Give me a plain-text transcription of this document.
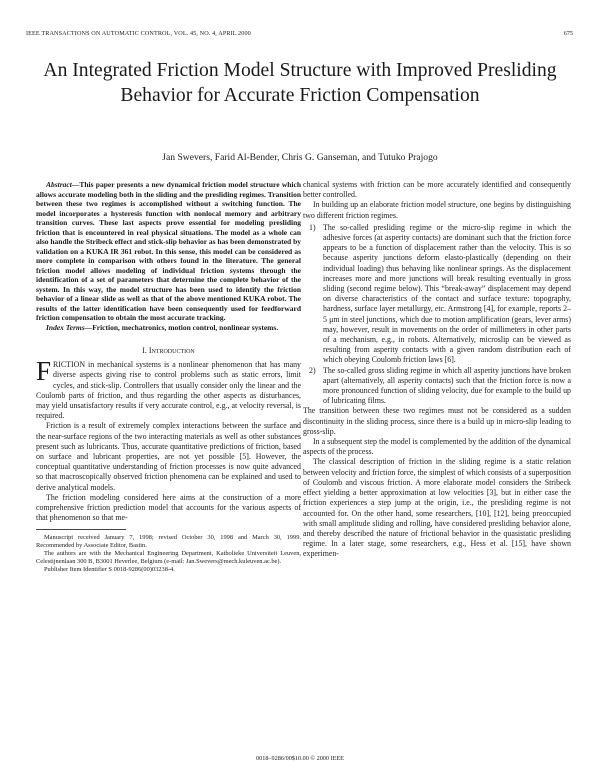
IEEE TRANSACTIONS ON AUTOMATIC CONTROL, VOL. 45, NO. 4, APRIL 2000	675
An Integrated Friction Model Structure with Improved Presliding Behavior for Accurate Friction Compensation
Jan Swevers, Farid Al-Bender, Chris G. Ganseman, and Tutuko Prajogo

Abstract—This paper presents a new dynamical friction model structure which allows accurate modeling both in the sliding and the presliding regimes. Transition between these two regimes is accomplished without a switching function. The model incorporates a hysteresis function with nonlocal memory and arbitrary transition curves. These last aspects prove essential for modeling presliding friction that is encountered in real physical situations. The model as a whole can also handle the Stribeck effect and stick-slip behavior as has been demonstrated by validation on a KUKA IR 361 robot. In this sense, this model can be considered as more complete in comparison with others found in the literature. The general friction model allows modeling of individual friction systems through the identification of a set of parameters that determine the complete behavior of the system. In this way, the model structure has been used to identify the friction behavior of a linear slide as well as that of the above mentioned KUKA robot. The results of the latter identification have been consequently used for feedforward friction compensation to obtain the most accurate tracking.

Index Terms—Friction, mechatronics, motion control, nonlinear systems.

I. Introduction

FRICTION in mechanical systems is a nonlinear phenomenon that has many diverse aspects giving rise to control problems such as static errors, limit cycles, and stick-slip. Controllers that usually consider only the linear and the Coulomb parts of friction, and thus regarding the other aspects as disturbances, may yield unsatisfactory results if very accurate control, e.g., at velocity reversal, is required.

Friction is a result of extremely complex interactions between the surface and the near-surface regions of the two interacting materials as well as other substances present such as lubricants. Thus, accurate quantitative predictions of friction, based on surface and lubricant properties, are not yet possible [5]. However, the conceptual quantitative understanding of friction processes is now quite advanced so that macroscopically observed friction phenomena can be explained and used to derive analytical models.

The friction modeling considered here aims at the construction of a more comprehensive friction prediction model that accounts for the various aspects of that phenomenon so that me-

Manuscript received January 7, 1998; revised October 30, 1998 and March 30, 1999. Recommended by Associate Editor, Bastin.
The authors are with the Mechanical Engineering Department, Katholieke Universiteit Leuven, Celestijnenlaan 300 B, B3001 Heverlee, Belgium (e-mail: Jan.Swevers@mech.kuleuven.ac.be).
Publisher Item Identifier S 0018-9286(00)03238-4.

chanical systems with friction can be more accurately identified and consequently better controlled.

In building up an elaborate friction model structure, one begins by distinguishing two different friction regimes.

1) The so-called presliding regime or the micro-slip regime in which the adhesive forces (at asperity contacts) are dominant such that the friction force appears to be a function of displacement rather than the velocity. This is so because asperity junctions deform elasto-plastically (depending on their individual loading) thus behaving like nonlinear springs. As the displacement increases more and more junctions will break resulting eventually in gross sliding (second regime below). This “break-away” displacement may depend on diverse characteristics of the contact and surface texture: topography, hardness, surface layer metallurgy, etc. Armstrong [4], for example, reports 2–5 μm in steel junctions, which due to motion amplification (gears, lever arms) may, however, result in movements on the order of millimeters in other parts of a mechanism, e.g., in robots. Alternatively, microslip can be viewed as resulting from asperity contacts with a given random distribution each of which obeying Coulomb friction laws [6].
2) The so-called gross sliding regime in which all asperity junctions have broken apart (alternatively, all asperity contacts) such that the friction force is now a more pronounced function of sliding velocity, due for example to the build up of lubricating films.

The transition between these two regimes must not be considered as a sudden discontinuity in the sliding process, since there is a build up in micro-slip leading to gross-slip.

In a subsequent step the model is complemented by the addition of the dynamical aspects of the process.

The classical description of friction in the sliding regime is a static relation between velocity and friction force, the simplest of which consists of a superposition of Coulomb and viscous friction. A more elaborate model considers the Stribeck effect yielding a better approximation at low velocities [3], but in either case the friction experiences a step jump at the origin, i.e., the presliding regime is not accounted for. On the other hand, some researchers, [10], [12], being preoccupied with small amplitude sliding and rolling, have considered presliding behavior alone, and thereby described the nature of frictional behavior in the quasistatic presliding regime. In a later stage, some researchers, e.g., Hess et al. [15], have shown experimen-

0018–9286/00$10.00 © 2000 IEEE
